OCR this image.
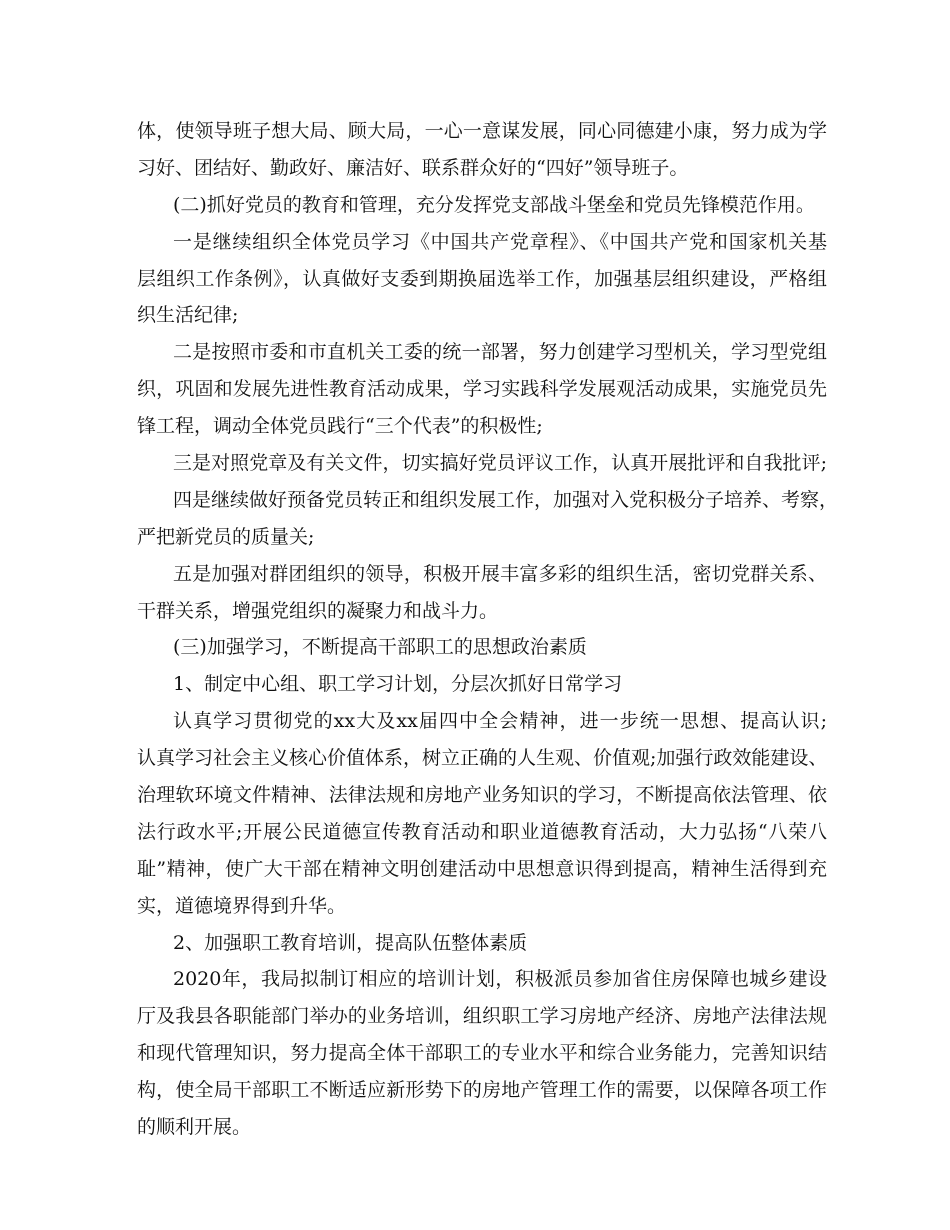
体，使领导班子想大局、顾大局，一心一意谋发展，同心同德建小康，努力成为学
习好、团结好、勤政好、廉洁好、联系群众好的“四好”领导班子。
(二)抓好党员的教育和管理，充分发挥党支部战斗堡垒和党员先锋模范作用。
一是继续组织全体党员学习《中国共产党章程》、《中国共产党和国家机关基
层组织工作条例》，认真做好支委到期换届选举工作，加强基层组织建设，严格组
织生活纪律;
二是按照市委和市直机关工委的统一部署，努力创建学习型机关，学习型党组
织，巩固和发展先进性教育活动成果，学习实践科学发展观活动成果，实施党员先
锋工程，调动全体党员践行“三个代表”的积极性;
三是对照党章及有关文件，切实搞好党员评议工作，认真开展批评和自我批评;
四是继续做好预备党员转正和组织发展工作，加强对入党积极分子培养、考察，
严把新党员的质量关;
五是加强对群团组织的领导，积极开展丰富多彩的组织生活，密切党群关系、
干群关系，增强党组织的凝聚力和战斗力。
(三)加强学习，不断提高干部职工的思想政治素质
1、制定中心组、职工学习计划，分层次抓好日常学习
认真学习贯彻党的xx大及xx届四中全会精神，进一步统一思想、提高认识;
认真学习社会主义核心价值体系，树立正确的人生观、价值观;加强行政效能建设、
治理软环境文件精神、法律法规和房地产业务知识的学习，不断提高依法管理、依
法行政水平;开展公民道德宣传教育活动和职业道德教育活动，大力弘扬“八荣八
耻”精神，使广大干部在精神文明创建活动中思想意识得到提高，精神生活得到充
实，道德境界得到升华。
2、加强职工教育培训，提高队伍整体素质
2020年，我局拟制订相应的培训计划，积极派员参加省住房保障也城乡建设
厅及我县各职能部门举办的业务培训，组织职工学习房地产经济、房地产法律法规
和现代管理知识，努力提高全体干部职工的专业水平和综合业务能力，完善知识结
构，使全局干部职工不断适应新形势下的房地产管理工作的需要，以保障各项工作
的顺利开展。
